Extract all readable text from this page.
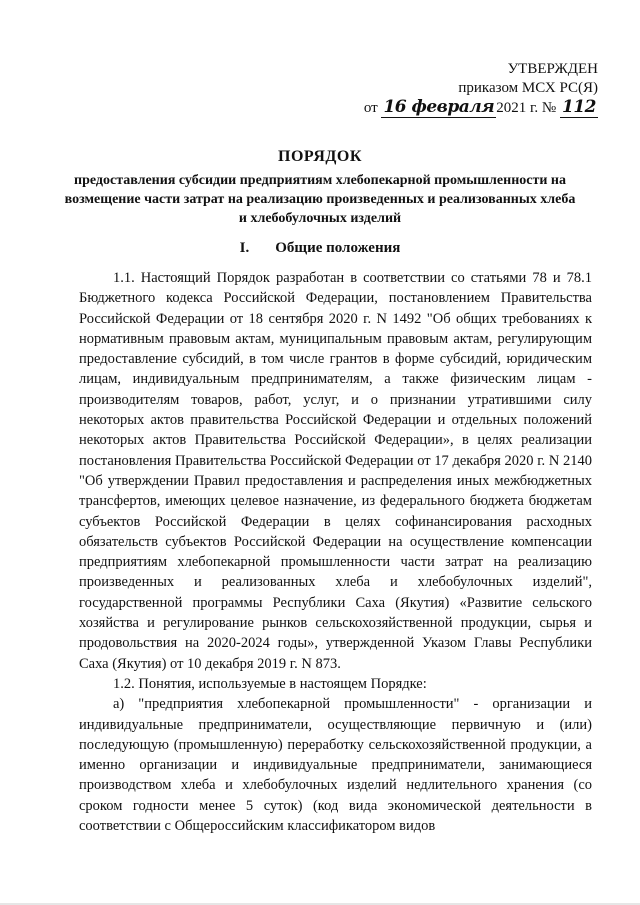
УТВЕРЖДЕН
приказом МСХ РС(Я)
от 16 февраля 2021 г. № 112
ПОРЯДОК
предоставления субсидии предприятиям хлебопекарной промышленности на возмещение части затрат на реализацию произведенных и реализованных хлеба и хлебобулочных изделий
I. Общие положения

1.1. Настоящий Порядок разработан в соответствии со статьями 78 и 78.1 Бюджетного кодекса Российской Федерации, постановлением Правительства Российской Федерации от 18 сентября 2020 г. N 1492 "Об общих требованиях к нормативным правовым актам, муниципальным правовым актам, регулирующим предоставление субсидий, в том числе грантов в форме субсидий, юридическим лицам, индивидуальным предпринимателям, а также физическим лицам - производителям товаров, работ, услуг, и о признании утратившими силу некоторых актов правительства Российской Федерации и отдельных положений некоторых актов Правительства Российской Федерации», в целях реализации постановления Правительства Российской Федерации от 17 декабря 2020 г. N 2140 "Об утверждении Правил предоставления и распределения иных межбюджетных трансфертов, имеющих целевое назначение, из федерального бюджета бюджетам субъектов Российской Федерации в целях софинансирования расходных обязательств субъектов Российской Федерации на осуществление компенсации предприятиям хлебопекарной промышленности части затрат на реализацию произведенных и реализованных хлеба и хлебобулочных изделий", государственной программы Республики Саха (Якутия) «Развитие сельского хозяйства и регулирование рынков сельскохозяйственной продукции, сырья и продовольствия на 2020-2024 годы», утвержденной Указом Главы Республики Саха (Якутия) от 10 декабря 2019 г. N 873.

1.2. Понятия, используемые в настоящем Порядке:

а) "предприятия хлебопекарной промышленности" - организации и индивидуальные предприниматели, осуществляющие первичную и (или) последующую (промышленную) переработку сельскохозяйственной продукции, а именно организации и индивидуальные предприниматели, занимающиеся производством хлеба и хлебобулочных изделий недлительного хранения (со сроком годности менее 5 суток) (код вида экономической деятельности в соответствии с Общероссийским классификатором видов
